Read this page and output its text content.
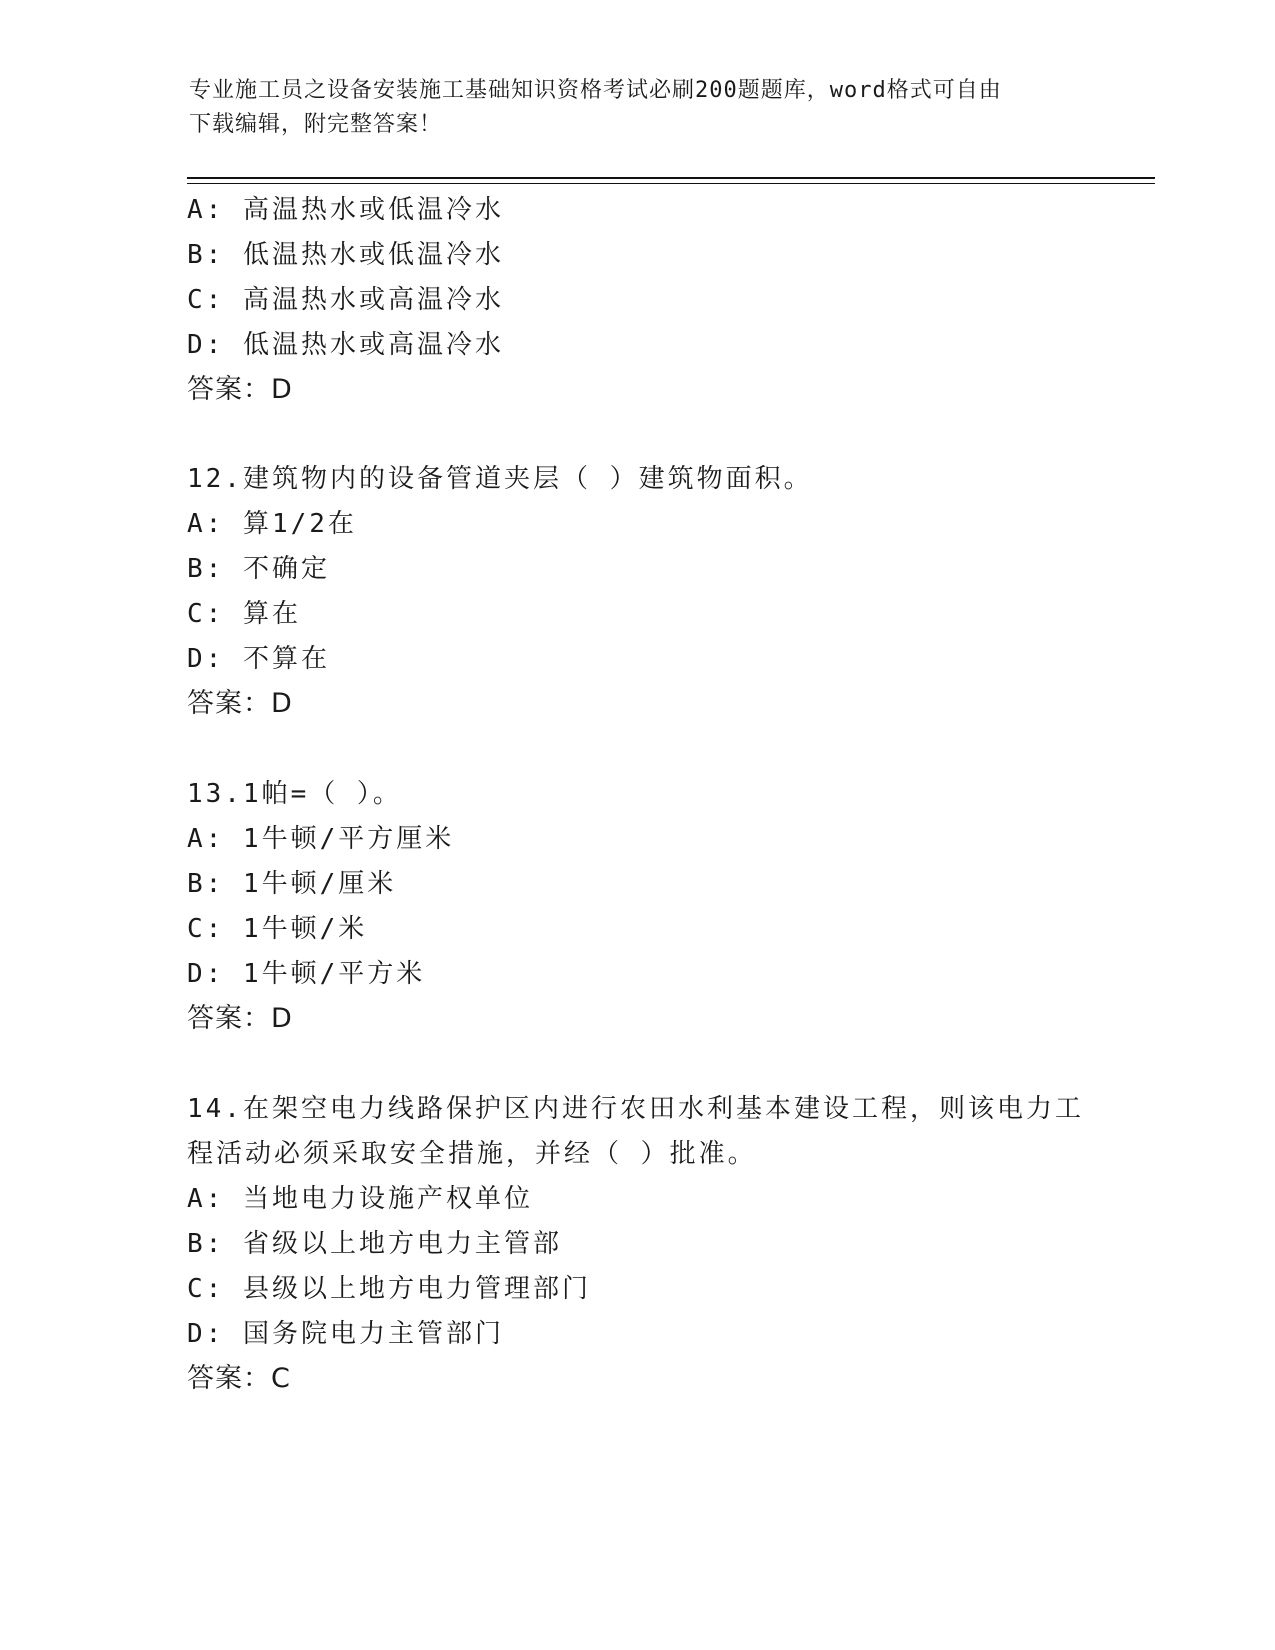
专业施工员之设备安装施工基础知识资格考试必刷200题题库，word格式可自由
下载编辑，附完整答案！
A: 高温热水或低温冷水
B: 低温热水或低温冷水
C: 高温热水或高温冷水
D: 低温热水或高温冷水
答案：D
12.建筑物内的设备管道夹层（ ）建筑物面积。
A: 算1/2在
B: 不确定
C: 算在
D: 不算在
答案：D
13.1帕=（ ）。
A: 1牛顿/平方厘米
B: 1牛顿/厘米
C: 1牛顿/米
D: 1牛顿/平方米
答案：D
14.在架空电力线路保护区内进行农田水利基本建设工程，则该电力工
程活动必须采取安全措施，并经（ ）批准。
A: 当地电力设施产权单位
B: 省级以上地方电力主管部
C: 县级以上地方电力管理部门
D: 国务院电力主管部门
答案：C
